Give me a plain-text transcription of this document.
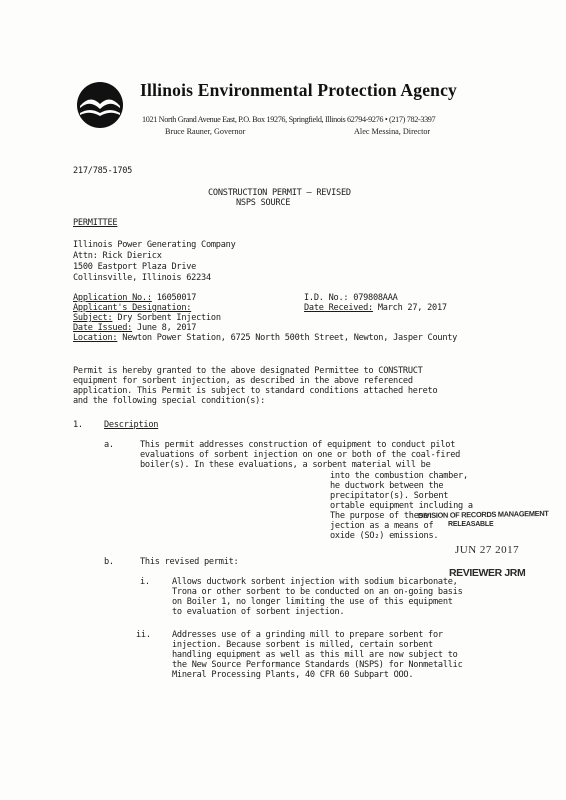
Illinois Environmental Protection Agency
1021 North Grand Avenue East, P.O. Box 19276, Springfield, Illinois 62794-9276 • (217) 782-3397
Bruce Rauner, Governor	Alec Messina, Director
217/785-1705
CONSTRUCTION PERMIT – REVISED
NSPS SOURCE
PERMITTEE
Illinois Power Generating Company
Attn: Rick Diericx
1500 Eastport Plaza Drive
Collinsville, Illinois 62234
Application No.: 16050017	I.D. No.: 079808AAA
Applicant's Designation:	Date Received: March 27, 2017
Subject: Dry Sorbent Injection
Date Issued: June 8, 2017
Location: Newton Power Station, 6725 North 500th Street, Newton, Jasper County
Permit is hereby granted to the above designated Permittee to CONSTRUCT
equipment for sorbent injection, as described in the above referenced
application. This Permit is subject to standard conditions attached hereto
and the following special condition(s):
1. Description
a.	This permit addresses construction of equipment to conduct pilot
evaluations of sorbent injection on one or both of the coal-fired
boiler(s). In these evaluations, a sorbent material will be
into the combustion chamber,
he ductwork between the
precipitator(s). Sorbent
ortable equipment including a
The purpose of these
jection as a means of
oxide (SO₂) emissions.
DIVISION OF RECORDS MANAGEMENT
RELEASABLE
JUN 27 2017
REVIEWER JRM
b.	This revised permit:
i.	Allows ductwork sorbent injection with sodium bicarbonate,
Trona or other sorbent to be conducted on an on-going basis
on Boiler 1, no longer limiting the use of this equipment
to evaluation of sorbent injection.
ii. Addresses use of a grinding mill to prepare sorbent for
injection. Because sorbent is milled, certain sorbent
handling equipment as well as this mill are now subject to
the New Source Performance Standards (NSPS) for Nonmetallic
Mineral Processing Plants, 40 CFR 60 Subpart OOO.
